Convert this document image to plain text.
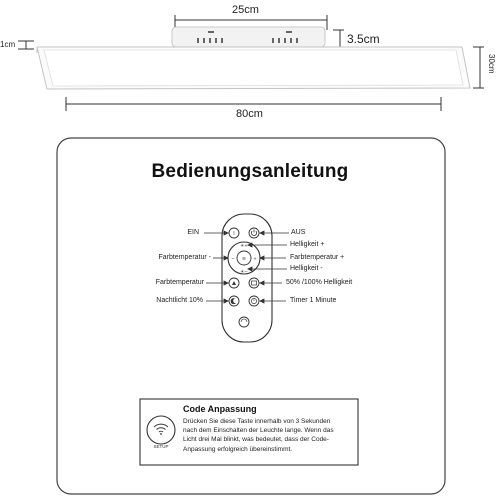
I
≋
☀+
☀−
−	+
25cm
3.5cm
1cm
30cm
80cm
Bedienungsanleitung
EIN	AUS
Helligkeit +
Farbtemperatur -	Farbtemperatur +
Helligkeit -
Farbtemperatur	50% /100% Helligkeit
Nachtlicht 10%	Timer 1 Minute
SETUP
Code Anpassung
Drücken Sie diese Taste innerhalb von 3 Sekunden
nach dem Einschalten der Leuchte lange. Wenn das
Licht drei Mal blinkt, was bedeutet, dass der Code-
Anpassung erfolgreich übereinstimmt.
